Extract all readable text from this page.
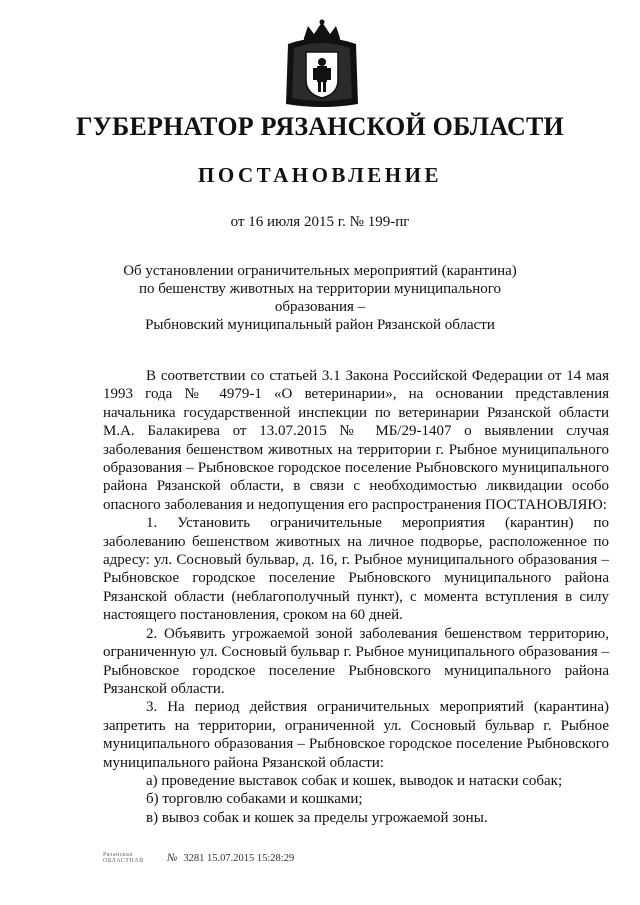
ГУБЕРНАТОР РЯЗАНСКОЙ ОБЛАСТИ
ПОСТАНОВЛЕНИЕ
от 16 июля 2015 г. № 199-пг
Об установлении ограничительных мероприятий (карантина)
по бешенству животных на территории муниципального образования –
Рыбновский муниципальный район Рязанской области

В соответствии со статьей 3.1 Закона Российской Федерации от 14 мая 1993 года № 4979-1 «О ветеринарии», на основании представления начальника государственной инспекции по ветеринарии Рязанской области М.А. Балакирева от 13.07.2015 № МБ/29-1407 о выявлении случая заболевания бешенством животных на территории г. Рыбное муниципального образования – Рыбновское городское поселение Рыбновского муниципального района Рязанской области, в связи с необходимостью ликвидации особо опасного заболевания и недопущения его распространения ПОСТАНОВЛЯЮ:

1. Установить ограничительные мероприятия (карантин) по заболеванию бешенством животных на личное подворье, расположенное по адресу: ул. Сосновый бульвар, д. 16, г. Рыбное муниципального образования – Рыбновское городское поселение Рыбновского муниципального района Рязанской области (неблагополучный пункт), с момента вступления в силу настоящего постановления, сроком на 60 дней.

2. Объявить угрожаемой зоной заболевания бешенством территорию, ограниченную ул. Сосновый бульвар г. Рыбное муниципального образования – Рыбновское городское поселение Рыбновского муниципального района Рязанской области.

3. На период действия ограничительных мероприятий (карантина) запретить на территории, ограниченной ул. Сосновый бульвар г. Рыбное муниципального образования – Рыбновское городское поселение Рыбновского муниципального района Рязанской области:

а) проведение выставок собак и кошек, выводок и натаски собак;

б) торговлю собаками и кошками;

в) вывоз собак и кошек за пределы угрожаемой зоны.

Рязанская ОБЛАСТНАЯ	№ 3281 15.07.2015 15:28:29
